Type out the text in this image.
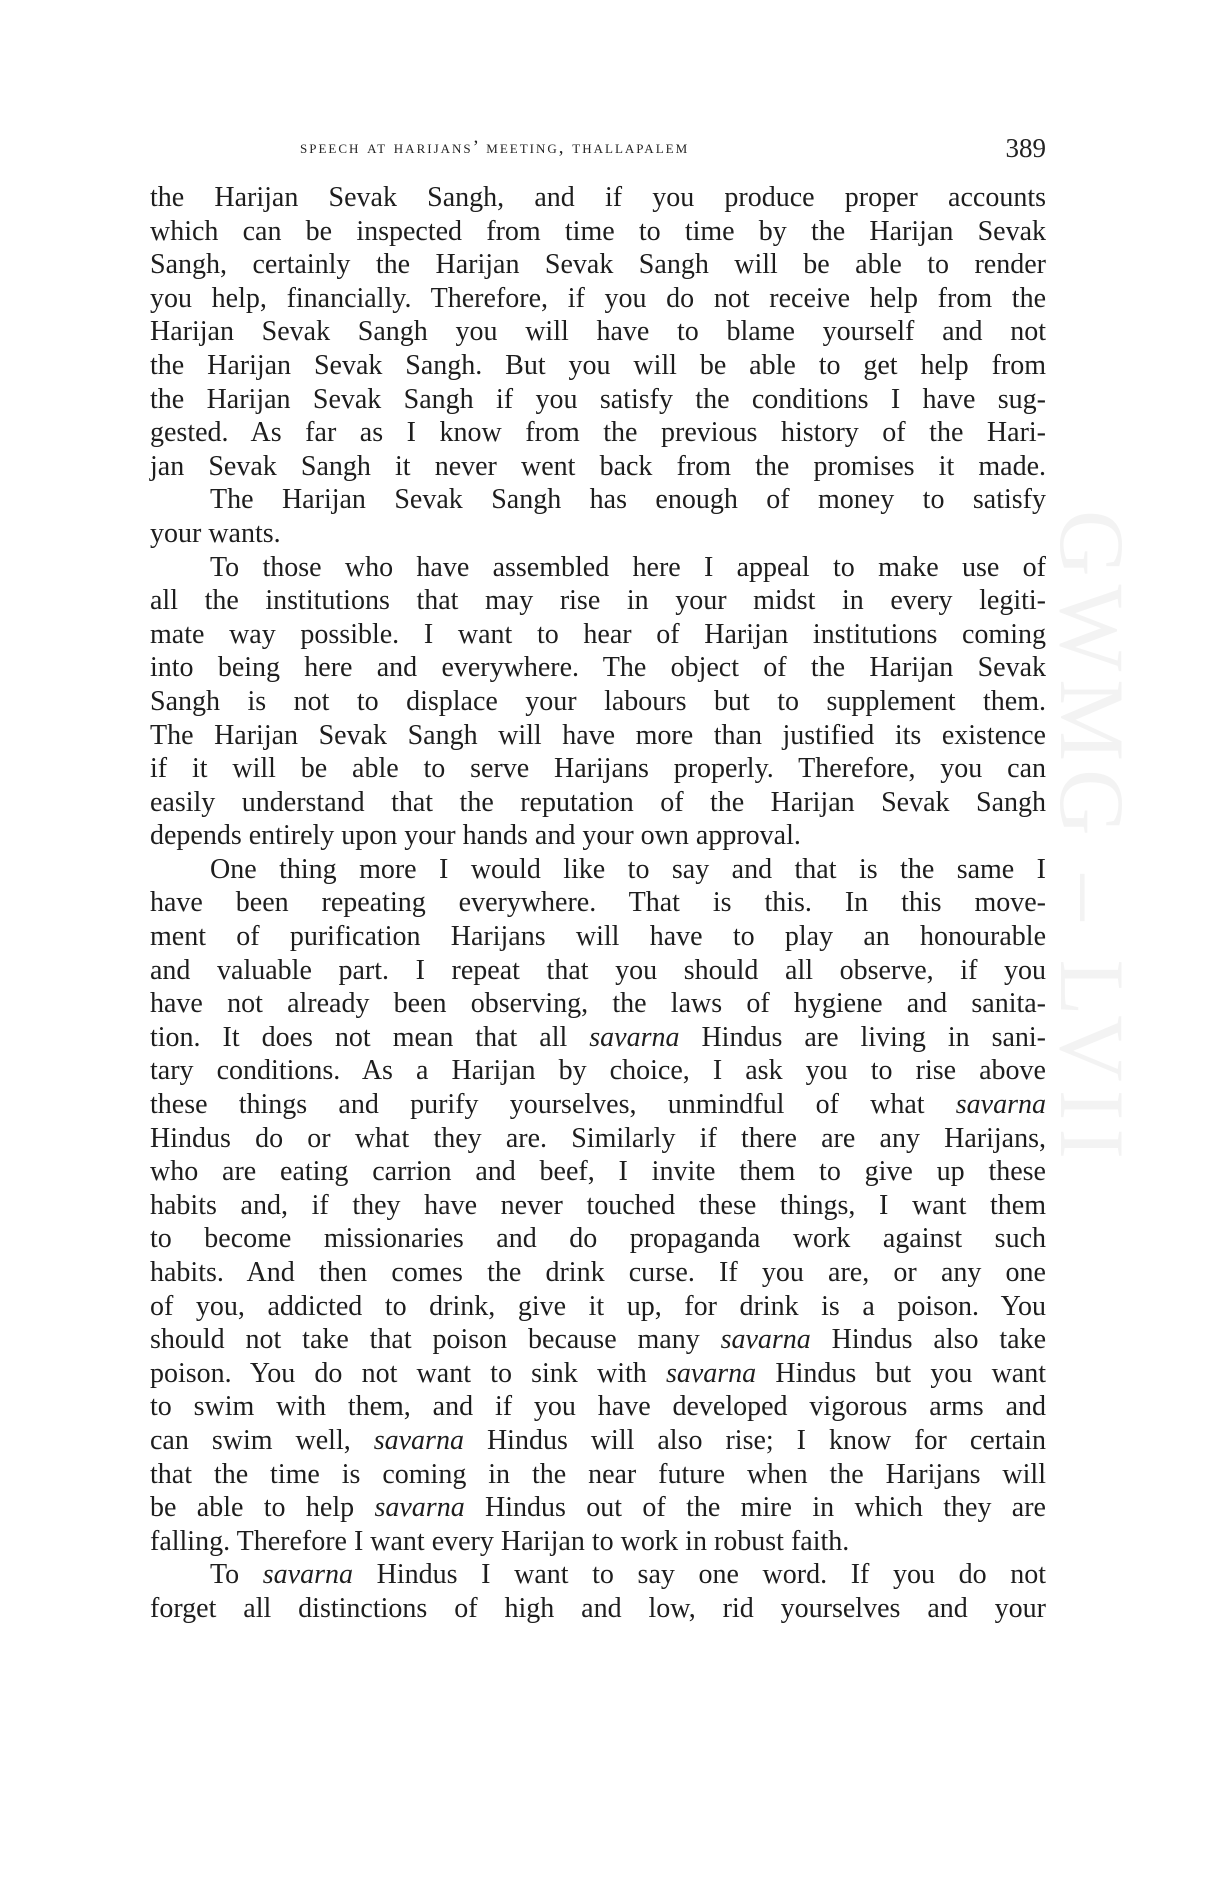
GWMG – LVII
speech at harijans’ meeting, thallapalem	389
the Harijan Sevak Sangh, and if you produce proper accounts
which can be inspected from time to time by the Harijan Sevak
Sangh, certainly the Harijan Sevak Sangh will be able to render
you help, financially. Therefore, if you do not receive help from the
Harijan Sevak Sangh you will have to blame yourself and not
the Harijan Sevak Sangh. But you will be able to get help from
the Harijan Sevak Sangh if you satisfy the conditions I have sug-
gested. As far as I know from the previous history of the Hari-
jan Sevak Sangh it never went back from the promises it made.
The Harijan Sevak Sangh has enough of money to satisfy
your wants.
To those who have assembled here I appeal to make use of
all the institutions that may rise in your midst in every legiti-
mate way possible. I want to hear of Harijan institutions coming
into being here and everywhere. The object of the Harijan Sevak
Sangh is not to displace your labours but to supplement them.
The Harijan Sevak Sangh will have more than justified its existence
if it will be able to serve Harijans properly. Therefore, you can
easily understand that the reputation of the Harijan Sevak Sangh
depends entirely upon your hands and your own approval.
One thing more I would like to say and that is the same I
have been repeating everywhere. That is this. In this move-
ment of purification Harijans will have to play an honourable
and valuable part. I repeat that you should all observe, if you
have not already been observing, the laws of hygiene and sanita-
tion. It does not mean that all savarna Hindus are living in sani-
tary conditions. As a Harijan by choice, I ask you to rise above
these things and purify yourselves, unmindful of what savarna
Hindus do or what they are. Similarly if there are any Harijans,
who are eating carrion and beef, I invite them to give up these
habits and, if they have never touched these things, I want them
to become missionaries and do propaganda work against such
habits. And then comes the drink curse. If you are, or any one
of you, addicted to drink, give it up, for drink is a poison. You
should not take that poison because many savarna Hindus also take
poison. You do not want to sink with savarna Hindus but you want
to swim with them, and if you have developed vigorous arms and
can swim well, savarna Hindus will also rise; I know for certain
that the time is coming in the near future when the Harijans will
be able to help savarna Hindus out of the mire in which they are
falling. Therefore I want every Harijan to work in robust faith.
To savarna Hindus I want to say one word. If you do not
forget all distinctions of high and low, rid yourselves and your
